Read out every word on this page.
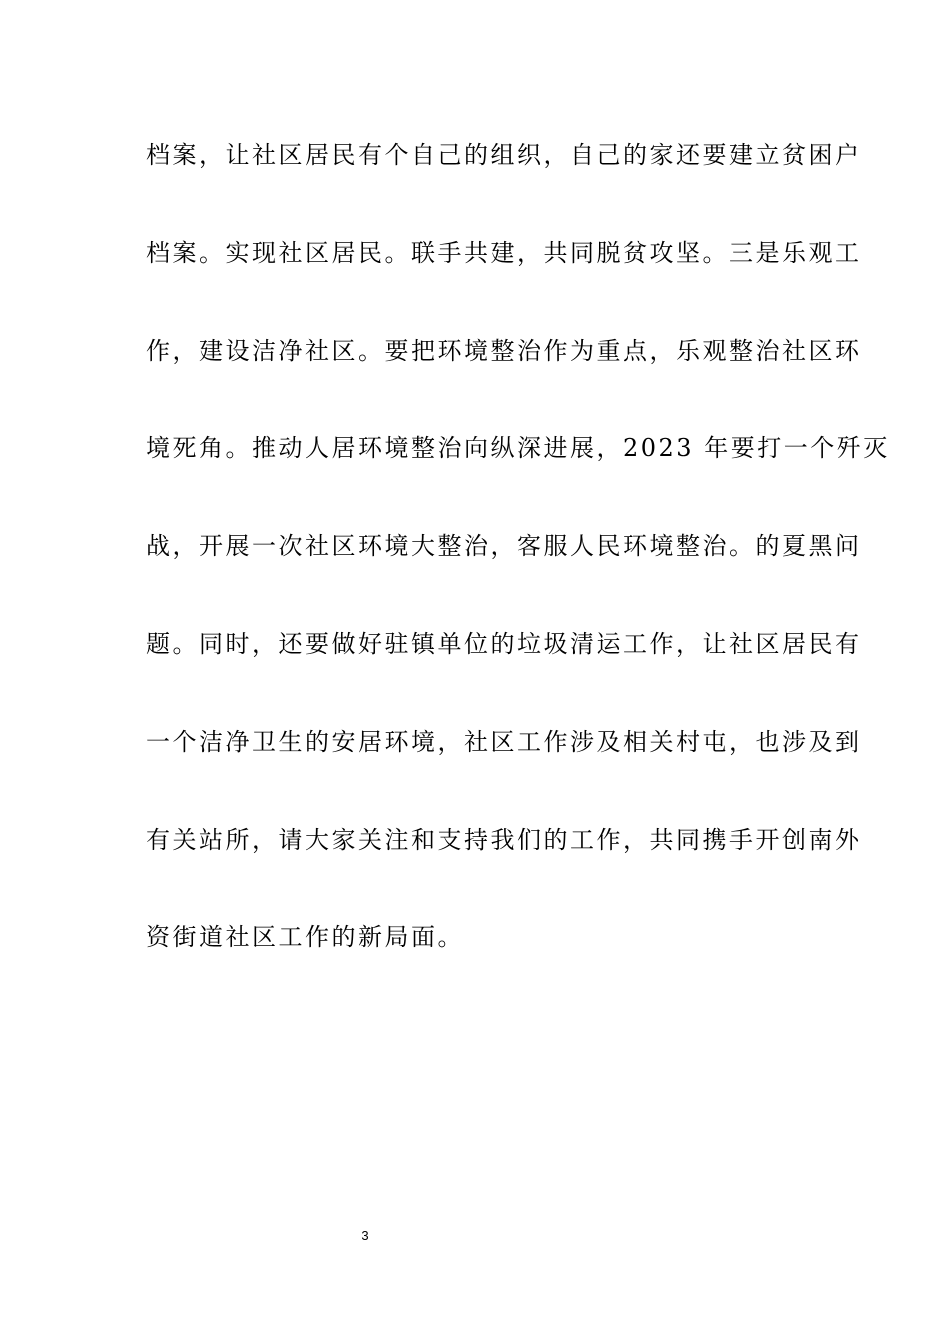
档案，让社区居民有个自己的组织，自己的家还要建立贫困户
档案。实现社区居民。联手共建，共同脱贫攻坚。三是乐观工
作，建设洁净社区。要把环境整治作为重点，乐观整治社区环
境死角。推动人居环境整治向纵深进展，2023 年要打一个歼灭
战，开展一次社区环境大整治，客服人民环境整治。的夏黑问
题。同时，还要做好驻镇单位的垃圾清运工作，让社区居民有
一个洁净卫生的安居环境，社区工作涉及相关村屯，也涉及到
有关站所，请大家关注和支持我们的工作，共同携手开创南外
资街道社区工作的新局面。
3
